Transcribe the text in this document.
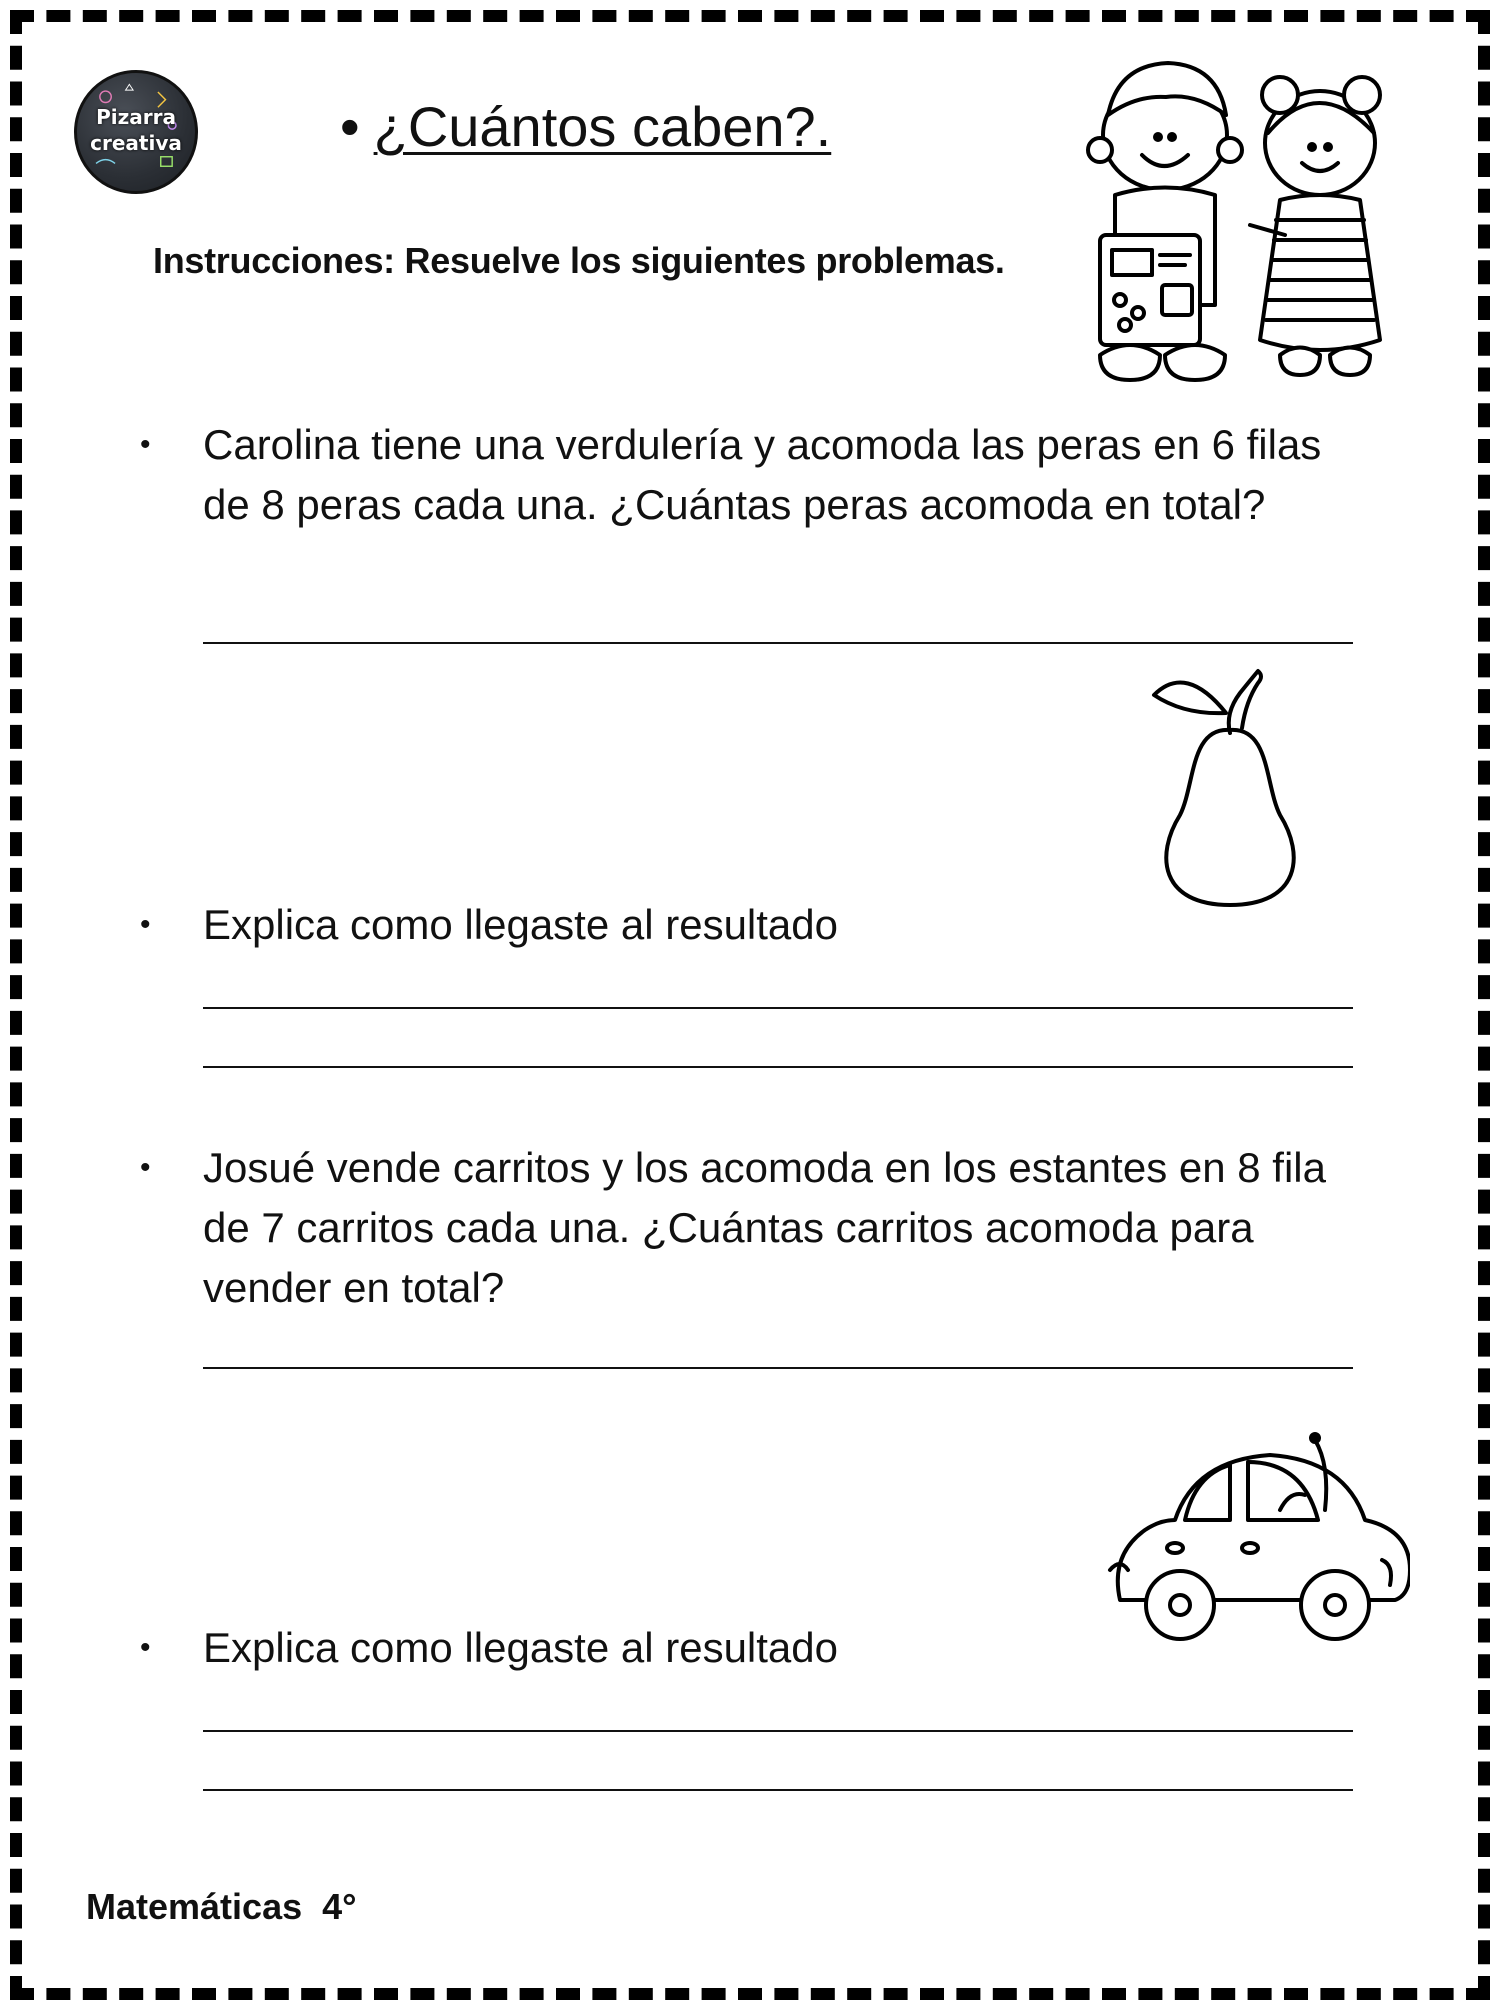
Pizarra
creativa	• ¿Cuántos caben?.
Instrucciones: Resuelve los siguientes problemas.
• Carolina tiene una verdulería y acomoda las peras en 6 filas de 8 peras cada una. ¿Cuántas peras acomoda en total?
• Explica como llegaste al resultado
• Josué vende carritos y los acomoda en los estantes en 8 fila de 7 carritos cada una. ¿Cuántas carritos acomoda para vender en total?
• Explica como llegaste al resultado
Matemáticas  4°
